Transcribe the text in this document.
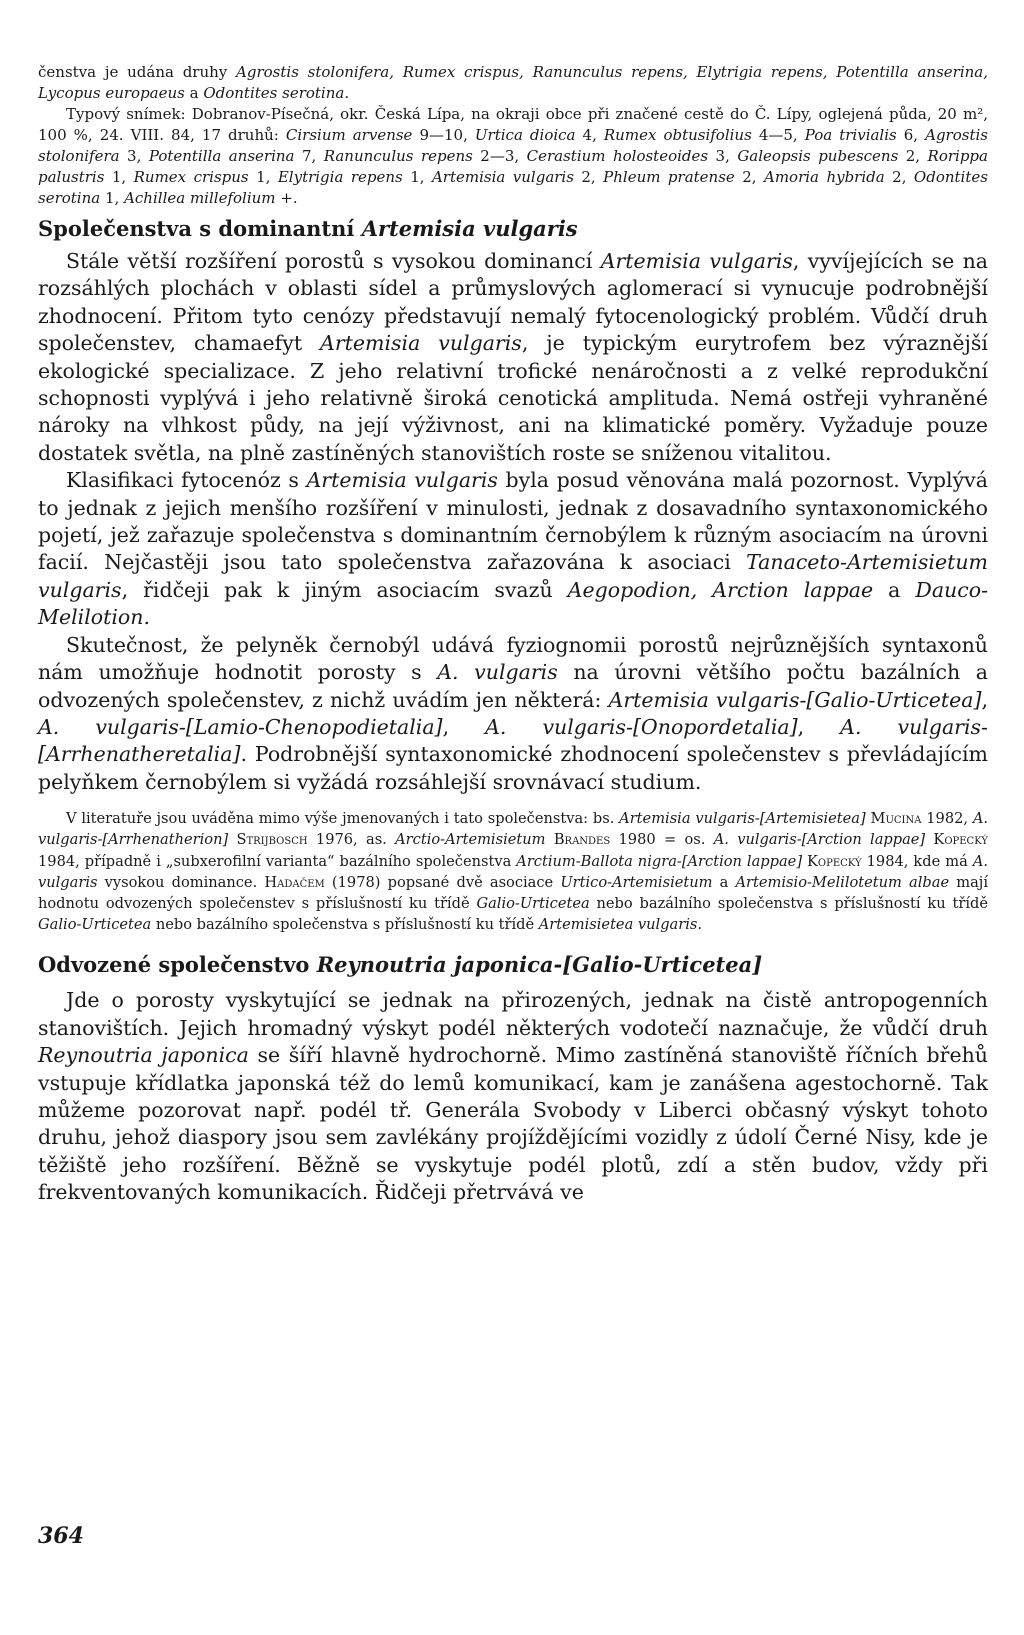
čenstva je udána druhy Agrostis stolonifera, Rumex crispus, Ranunculus repens, Elytrigia repens, Potentilla anserina, Lycopus europaeus a Odontites serotina.

Typový snímek: Dobranov-Písečná, okr. Česká Lípa, na okraji obce při značené cestě do Č. Lípy, oglejená půda, 20 m², 100 %, 24. VIII. 84, 17 druhů: Cirsium arvense 9—10, Urtica dioica 4, Rumex obtusifolius 4—5, Poa trivialis 6, Agrostis stolonifera 3, Potentilla anserina 7, Ranunculus repens 2—3, Cerastium holosteoides 3, Galeopsis pubescens 2, Rorippa palustris 1, Rumex crispus 1, Elytrigia repens 1, Artemisia vulgaris 2, Phleum pratense 2, Amoria hybrida 2, Odontites serotina 1, Achillea millefolium +.

Společenstva s dominantní Artemisia vulgaris

Stále větší rozšíření porostů s vysokou dominancí Artemisia vulgaris, vyvíjejících se na rozsáhlých plochách v oblasti sídel a průmyslových aglomerací si vynucuje podrobnější zhodnocení. Přitom tyto cenózy představují nemalý fytocenologický problém. Vůdčí druh společenstev, chamaefyt Artemisia vulgaris, je typickým eurytrofem bez výraznější ekologické specializace. Z jeho relativní trofické nenáročnosti a z velké reprodukční schopnosti vyplývá i jeho relativně široká cenotická amplituda. Nemá ostřeji vyhraněné nároky na vlhkost půdy, na její výživnost, ani na klimatické poměry. Vyžaduje pouze dostatek světla, na plně zastíněných stanovištích roste se sníženou vitalitou.

Klasifikaci fytocenóz s Artemisia vulgaris byla posud věnována malá pozornost. Vyplývá to jednak z jejich menšího rozšíření v minulosti, jednak z dosavadního syntaxonomického pojetí, jež zařazuje společenstva s dominantním černobýlem k různým asociacím na úrovni facií. Nejčastěji jsou tato společenstva zařazována k asociaci Tanaceto-Artemisietum vulgaris, řidčeji pak k jiným asociacím svazů Aegopodion, Arction lappae a Dauco-Melilotion.

Skutečnost, že pelyněk černobýl udává fyziognomii porostů nejrůznějších syntaxonů nám umožňuje hodnotit porosty s A. vulgaris na úrovni většího počtu bazálních a odvozených společenstev, z nichž uvádím jen některá: Artemisia vulgaris-[Galio-Urticetea], A. vulgaris-[Lamio-Chenopodietalia], A. vulgaris-[Onopordetalia], A. vulgaris-[Arrhenatheretalia]. Podrobnější syntaxonomické zhodnocení společenstev s převládajícím pelyňkem černobýlem si vyžádá rozsáhlejší srovnávací studium.

V literatuře jsou uváděna mimo výše jmenovaných i tato společenstva: bs. Artemisia vulgaris-[Artemisietea] Mucina 1982, A. vulgaris-[Arrhenatherion] Strijbosch 1976, as. Arctio-Artemisietum Brandes 1980 = os. A. vulgaris-[Arction lappae] Kopecký 1984, případně i „subxerofilní varianta“ bazálního společenstva Arctium-Ballota nigra-[Arction lappae] Kopecký 1984, kde má A. vulgaris vysokou dominance. Hadačem (1978) popsané dvě asociace Urtico-Artemisietum a Artemisio-Melilotetum albae mají hodnotu odvozených společenstev s příslušností ku třídě Galio-Urticetea nebo bazálního společenstva s příslušností ku třídě Galio-Urticetea nebo bazálního společenstva s příslušností ku třídě Artemisietea vulgaris.

Odvozené společenstvo Reynoutria japonica-[Galio-Urticetea]

Jde o porosty vyskytující se jednak na přirozených, jednak na čistě antropogenních stanovištích. Jejich hromadný výskyt podél některých vodotečí naznačuje, že vůdčí druh Reynoutria japonica se šíří hlavně hydrochorně. Mimo zastíněná stanoviště říčních břehů vstupuje křídlatka japonská též do lemů komunikací, kam je zanášena agestochorně. Tak můžeme pozorovat např. podél tř. Generála Svobody v Liberci občasný výskyt tohoto druhu, jehož diaspory jsou sem zavlékány projíždějícími vozidly z údolí Černé Nisy, kde je těžiště jeho rozšíření. Běžně se vyskytuje podél plotů, zdí a stěn budov, vždy při frekventovaných komunikacích. Řidčeji přetrvává ve

364
